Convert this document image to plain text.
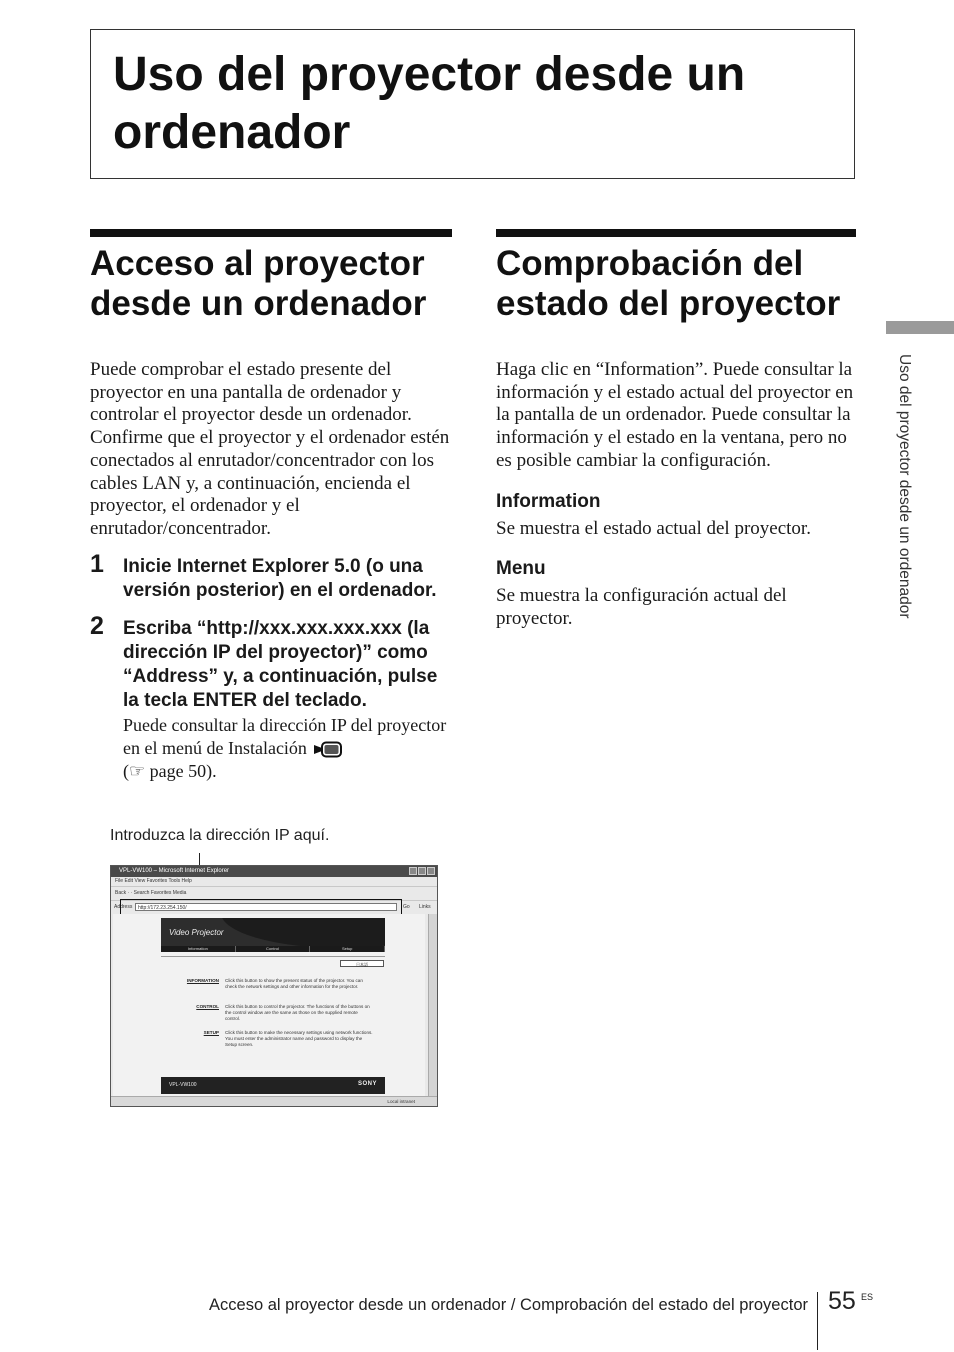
Uso del proyector desde un
ordenador
Acceso al proyector
desde un ordenador

Puede comprobar el estado presente del proyector en una pantalla de ordenador y controlar el proyector desde un ordenador. Confirme que el proyector y el ordenador estén conectados al enrutador/concentrador con los cables LAN y, a continuación, encienda el proyector, el ordenador y el enrutador/concentrador.

1 Inicie Internet Explorer 5.0 (o una versión posterior) en el ordenador.
2 Escriba “http://xxx.xxx.xxx.xxx (la dirección IP del proyector)” como “Address” y, a continuación, pulse la tecla ENTER del teclado.
Puede consultar la dirección IP del proyector en el menú de Instalación
(☞ page 50).
Introduzca la dirección IP aquí.
VPL-VW100 – Microsoft Internet Explorer
File Edit View Favorites Tools Help
Back · · Search Favorites Media
Address	http://172.23.254.150/	Go Links
Video Projector
Information	Control	Setup
日本語
INFORMATION Click this button to show the present status of the projector. You can check the network settings and other information for the projector.
CONTROL Click this button to control the projector. The functions of the buttons on the control window are the same as those on the supplied remote control.
SETUP Click this button to make the necessary settings using network functions. You must enter the administrator name and password to display the Setup screen.
VPL-VW100	SONY
Local intranet
Comprobación del
estado del proyector

Haga clic en “Information”. Puede consultar la información y el estado actual del proyector en la pantalla de un ordenador. Puede consultar la información y el estado en la ventana, pero no es posible cambiar la configuración.

Information

Se muestra el estado actual del proyector.

Menu

Se muestra la configuración actual del proyector.	Uso del proyector desde un ordenador
Acceso al proyector desde un ordenador / Comprobación del estado del proyector 55 ES
